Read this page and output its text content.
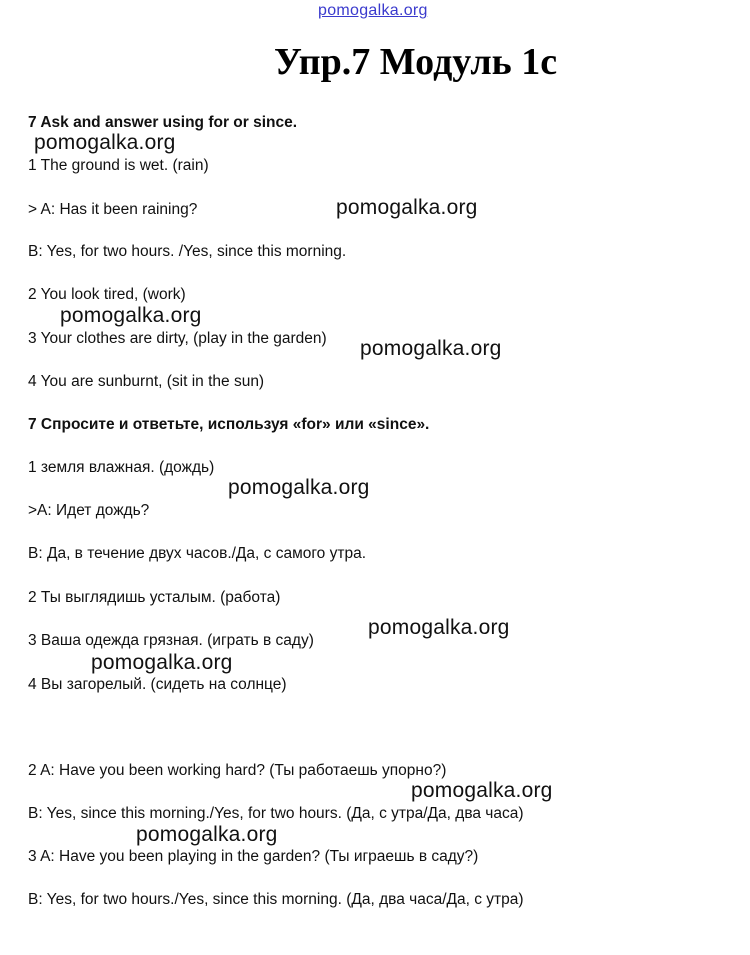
pomogalka.org
Упр.7 Модуль 1с
7 Ask and answer using for or since.
1 The ground is wet. (rain)
> A: Has it been raining?
B: Yes, for two hours. /Yes, since this morning.
2 You look tired, (work)
3 Your clothes are dirty, (play in the garden)
4 You are sunburnt, (sit in the sun)
7 Спросите и ответьте, используя «for» или «since».
1 земля влажная. (дождь)
>А: Идет дождь?
В: Да, в течение двух часов./Да, с самого утра.
2 Ты выглядишь усталым. (работа)
3 Ваша одежда грязная. (играть в саду)
4 Вы загорелый. (сидеть на солнце)
2 A: Have you been working hard? (Ты работаешь упорно?)
B: Yes, since this morning./Yes, for two hours. (Да, с утра/Да, два часа)
3 A: Have you been playing in the garden? (Ты играешь в саду?)
B: Yes, for two hours./Yes, since this morning. (Да, два часа/Да, с утра)
pomogalka.org
pomogalka.org
pomogalka.org
pomogalka.org
pomogalka.org
pomogalka.org
pomogalka.org
pomogalka.org
pomogalka.org
